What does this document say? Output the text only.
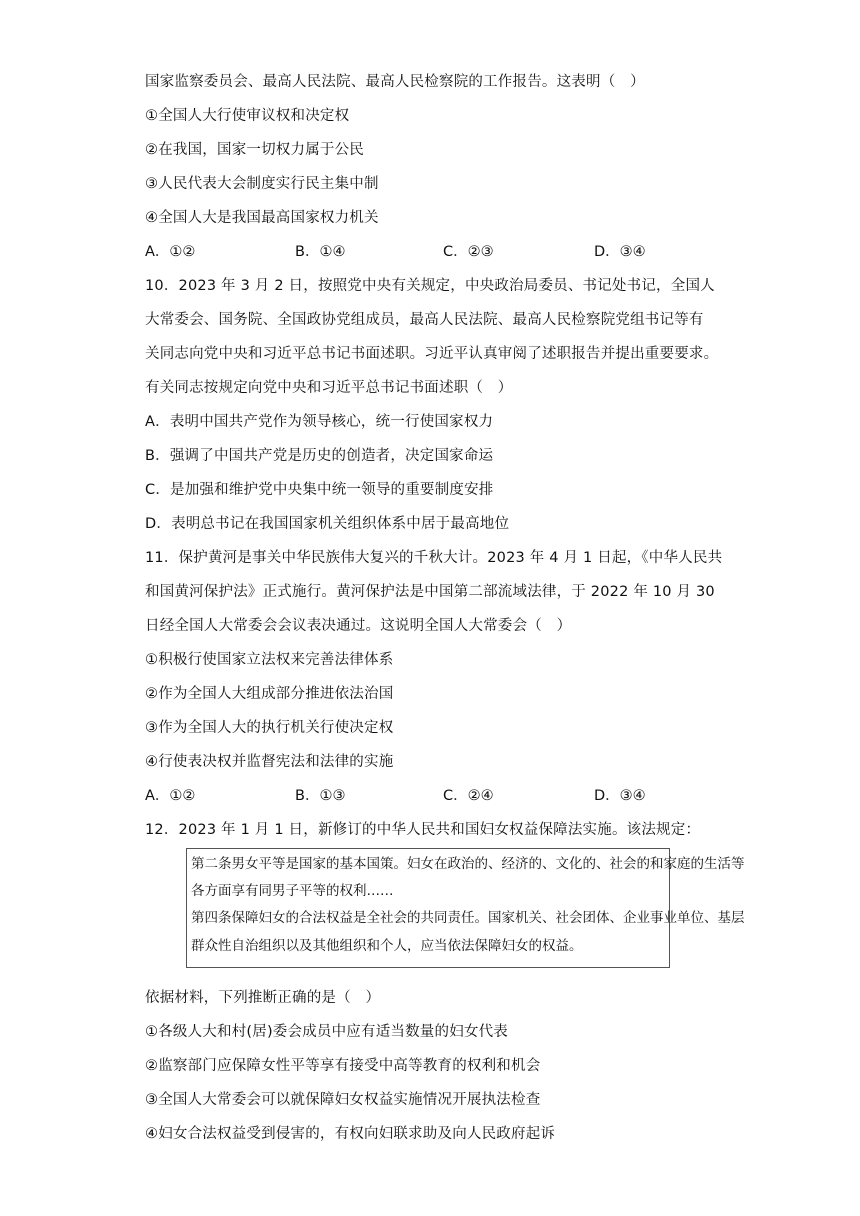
国家监察委员会、最高人民法院、最高人民检察院的工作报告。这表明（　）
①全国人大行使审议权和决定权
②在我国，国家一切权力属于公民
③人民代表大会制度实行民主集中制
④全国人大是我国最高国家权力机关
A．①②	B．①④	C．②③	D．③④
10．2023 年 3 月 2 日，按照党中央有关规定，中央政治局委员、书记处书记，全国人
大常委会、国务院、全国政协党组成员，最高人民法院、最高人民检察院党组书记等有
关同志向党中央和习近平总书记书面述职。习近平认真审阅了述职报告并提出重要要求。
有关同志按规定向党中央和习近平总书记书面述职（　）
A．表明中国共产党作为领导核心，统一行使国家权力
B．强调了中国共产党是历史的创造者，决定国家命运
C．是加强和维护党中央集中统一领导的重要制度安排
D．表明总书记在我国国家机关组织体系中居于最高地位
11．保护黄河是事关中华民族伟大复兴的千秋大计。2023 年 4 月 1 日起，《中华人民共
和国黄河保护法》正式施行。黄河保护法是中国第二部流域法律，于 2022 年 10 月 30
日经全国人大常委会会议表决通过。这说明全国人大常委会（　）
①积极行使国家立法权来完善法律体系
②作为全国人大组成部分推进依法治国
③作为全国人大的执行机关行使决定权
④行使表决权并监督宪法和法律的实施
A．①②	B．①③	C．②④	D．③④
12．2023 年 1 月 1 日，新修订的中华人民共和国妇女权益保障法实施。该法规定：
第二条男女平等是国家的基本国策。妇女在政治的、经济的、文化的、社会的和家庭的生活等
各方面享有同男子平等的权利……
第四条保障妇女的合法权益是全社会的共同责任。国家机关、社会团体、企业事业单位、基层
群众性自治组织以及其他组织和个人，应当依法保障妇女的权益。
依据材料，下列推断正确的是（　）
①各级人大和村(居)委会成员中应有适当数量的妇女代表
②监察部门应保障女性平等享有接受中高等教育的权利和机会
③全国人大常委会可以就保障妇女权益实施情况开展执法检查
④妇女合法权益受到侵害的，有权向妇联求助及向人民政府起诉
